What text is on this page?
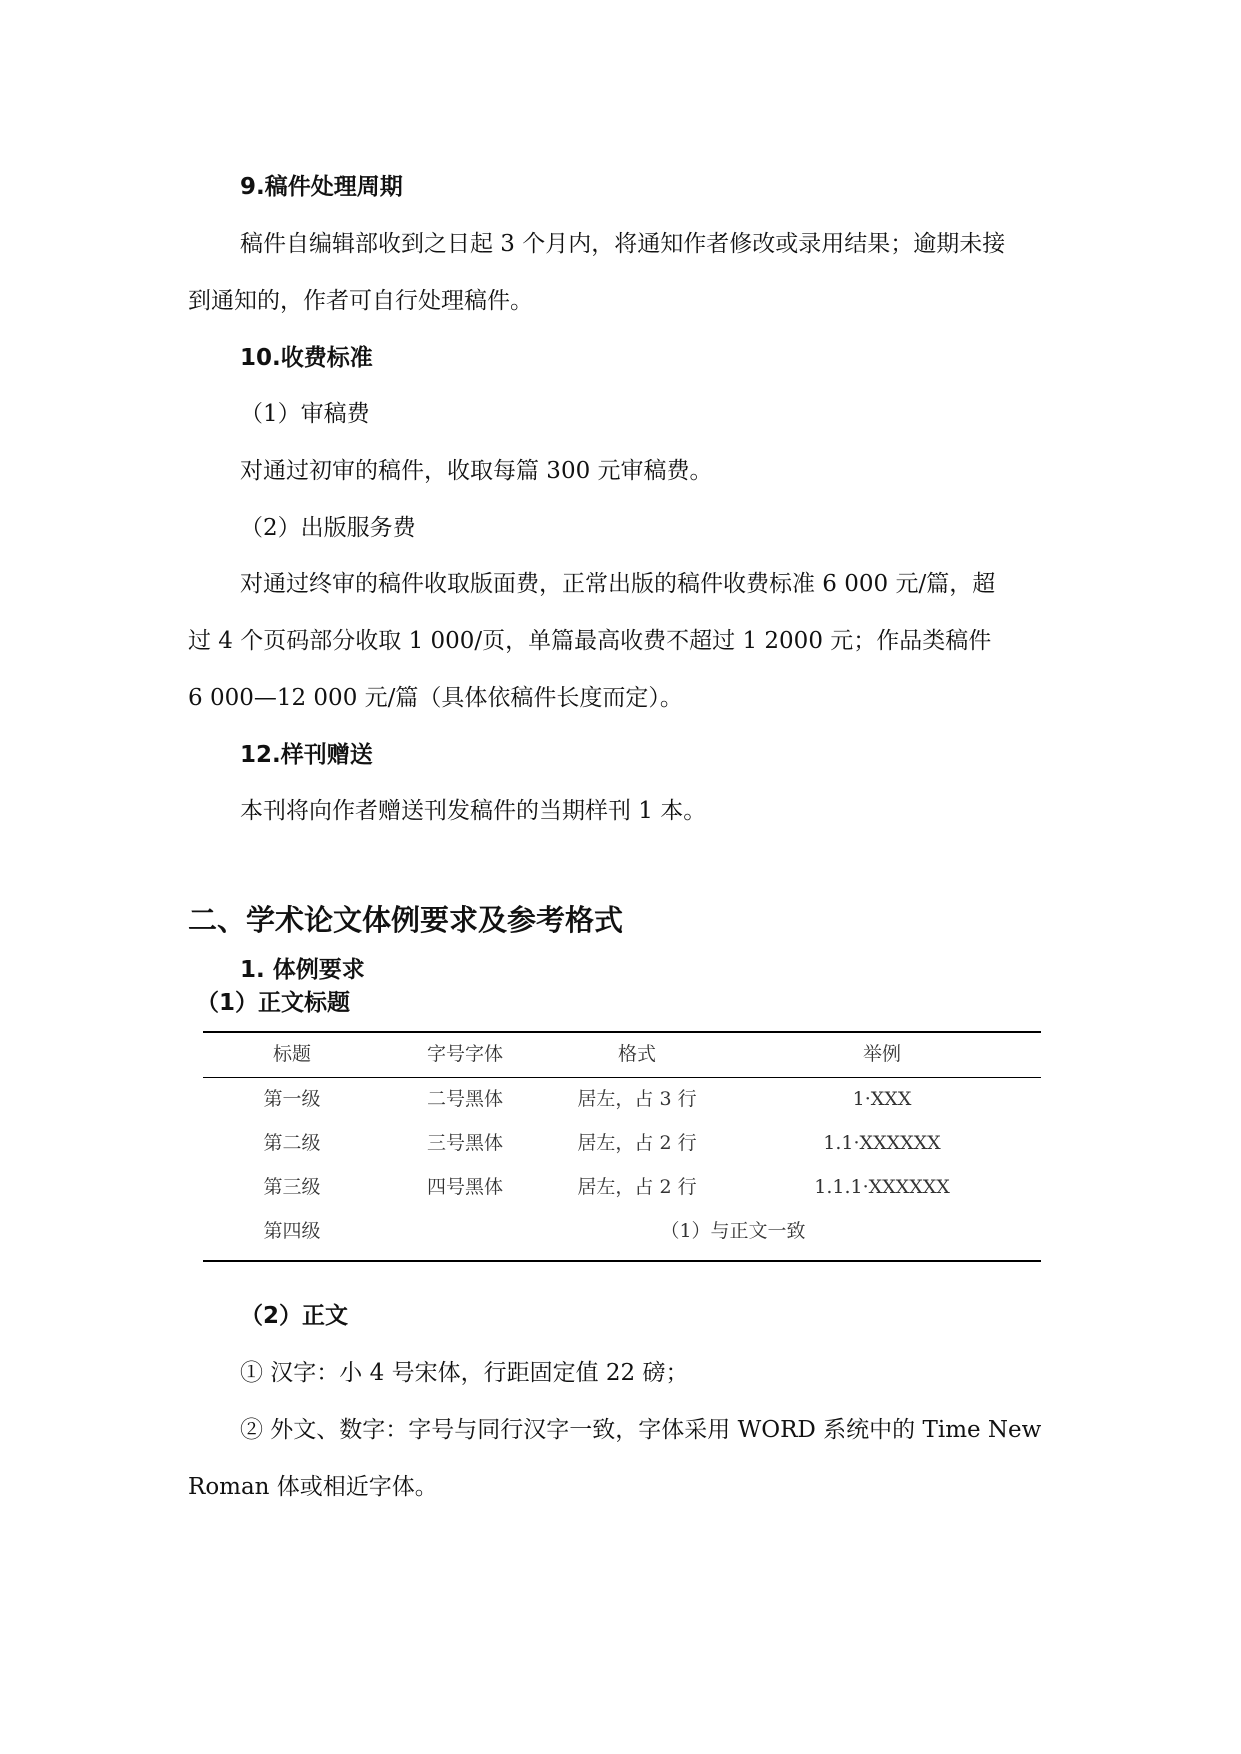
9.稿件处理周期
稿件自编辑部收到之日起 3 个月内，将通知作者修改或录用结果；逾期未接
到通知的，作者可自行处理稿件。
10.收费标准
（1）审稿费
对通过初审的稿件，收取每篇 300 元审稿费。
（2）出版服务费
对通过终审的稿件收取版面费，正常出版的稿件收费标准 6 000 元/篇，超
过 4 个页码部分收取 1 000/页，单篇最高收费不超过 1 2000 元；作品类稿件
6 000—12 000 元/篇（具体依稿件长度而定）。
12.样刊赠送
本刊将向作者赠送刊发稿件的当期样刊 1 本。
二、学术论文体例要求及参考格式
1. 体例要求
（1）正文标题
标题	字号字体	格式	举例
第一级	二号黑体	居左，占 3 行	1·XXX
第二级	三号黑体	居左，占 2 行	1.1·XXXXXX
第三级	四号黑体	居左，占 2 行	1.1.1·XXXXXX
第四级	（1）与正文一致
（2）正文
① 汉字：小 4 号宋体，行距固定值 22 磅；
② 外文、数字：字号与同行汉字一致，字体采用 WORD 系统中的 Time New
Roman 体或相近字体。
